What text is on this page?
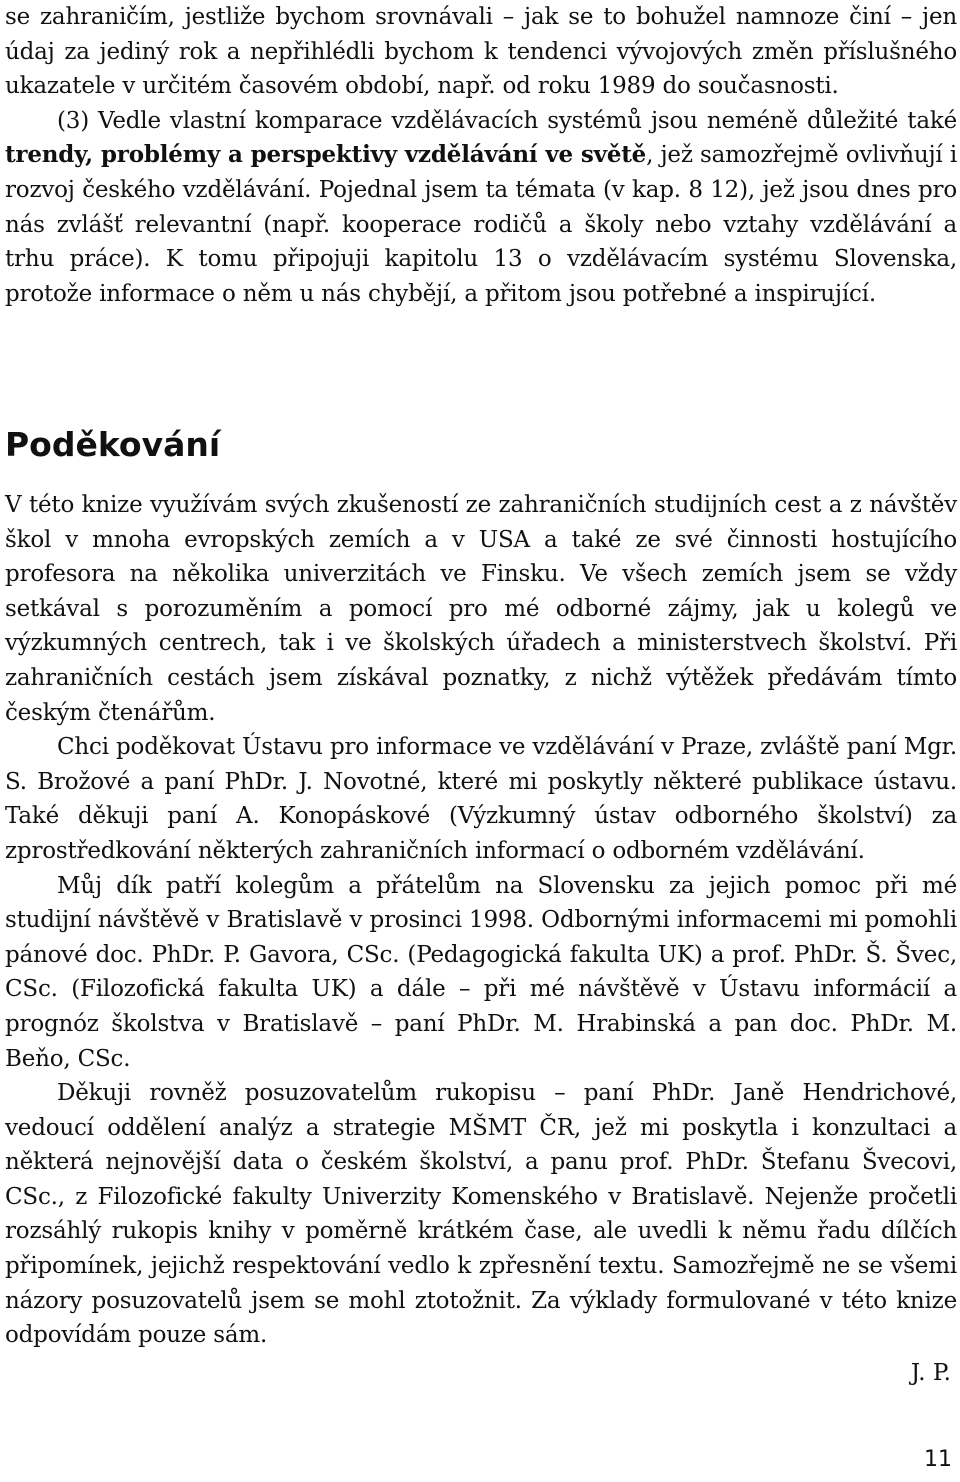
se zahraničím, jestliže bychom srovnávali – jak se to bohužel namnoze činí – jen údaj za jediný rok a nepřihlédli bychom k tendenci vývojových změn příslušného ukazatele v určitém časovém období, např. od roku 1989 do současnosti.

(3) Vedle vlastní komparace vzdělávacích systémů jsou neméně důležité také trendy, problémy a perspektivy vzdělávání ve světě, jež samozřejmě ovlivňují i rozvoj českého vzdělávání. Pojednal jsem ta témata (v kap. 8 12), jež jsou dnes pro nás zvlášť relevantní (např. kooperace rodičů a školy nebo vztahy vzdělávání a trhu práce). K tomu připojuji kapitolu 13 o vzdělávacím systému Slovenska, protože informace o něm u nás chybějí, a přitom jsou potřebné a inspirující.

Poděkování

V této knize využívám svých zkušeností ze zahraničních studijních cest a z návštěv škol v mnoha evropských zemích a v USA a také ze své činnosti hostujícího profesora na několika univerzitách ve Finsku. Ve všech zemích jsem se vždy setkával s porozuměním a pomocí pro mé odborné zájmy, jak u kolegů ve výzkumných centrech, tak i ve školských úřadech a ministerstvech školství. Při zahraničních cestách jsem získával poznatky, z nichž výtěžek předávám tímto českým čtenářům.

Chci poděkovat Ústavu pro informace ve vzdělávání v Praze, zvláště paní Mgr. S. Brožové a paní PhDr. J. Novotné, které mi poskytly některé publikace ústavu. Také děkuji paní A. Konopáskové (Výzkumný ústav odborného školství) za zprostředkování některých zahraničních informací o odborném vzdělávání.

Můj dík patří kolegům a přátelům na Slovensku za jejich pomoc při mé studijní návštěvě v Bratislavě v prosinci 1998. Odbornými informacemi mi pomohli pánové doc. PhDr. P. Gavora, CSc. (Pedagogická fakulta UK) a prof. PhDr. Š. Švec, CSc. (Filozofická fakulta UK) a dále – při mé návštěvě v Ústavu informácií a prognóz školstva v Bratislavě – paní PhDr. M. Hrabinská a pan doc. PhDr. M. Beňo, CSc.

Děkuji rovněž posuzovatelům rukopisu – paní PhDr. Janě Hendrichové, vedoucí oddělení analýz a strategie MŠMT ČR, jež mi poskytla i konzultaci a některá nejnovější data o českém školství, a panu prof. PhDr. Štefanu Švecovi, CSc., z Filozofické fakulty Univerzity Komenského v Bratislavě. Nejenže pročetli rozsáhlý rukopis knihy v poměrně krátkém čase, ale uvedli k němu řadu dílčích připomínek, jejichž respektování vedlo k zpřesnění textu. Samozřejmě ne se všemi názory posuzovatelů jsem se mohl ztotožnit. Za výklady formulované v této knize odpovídám pouze sám.

J. P.
11
